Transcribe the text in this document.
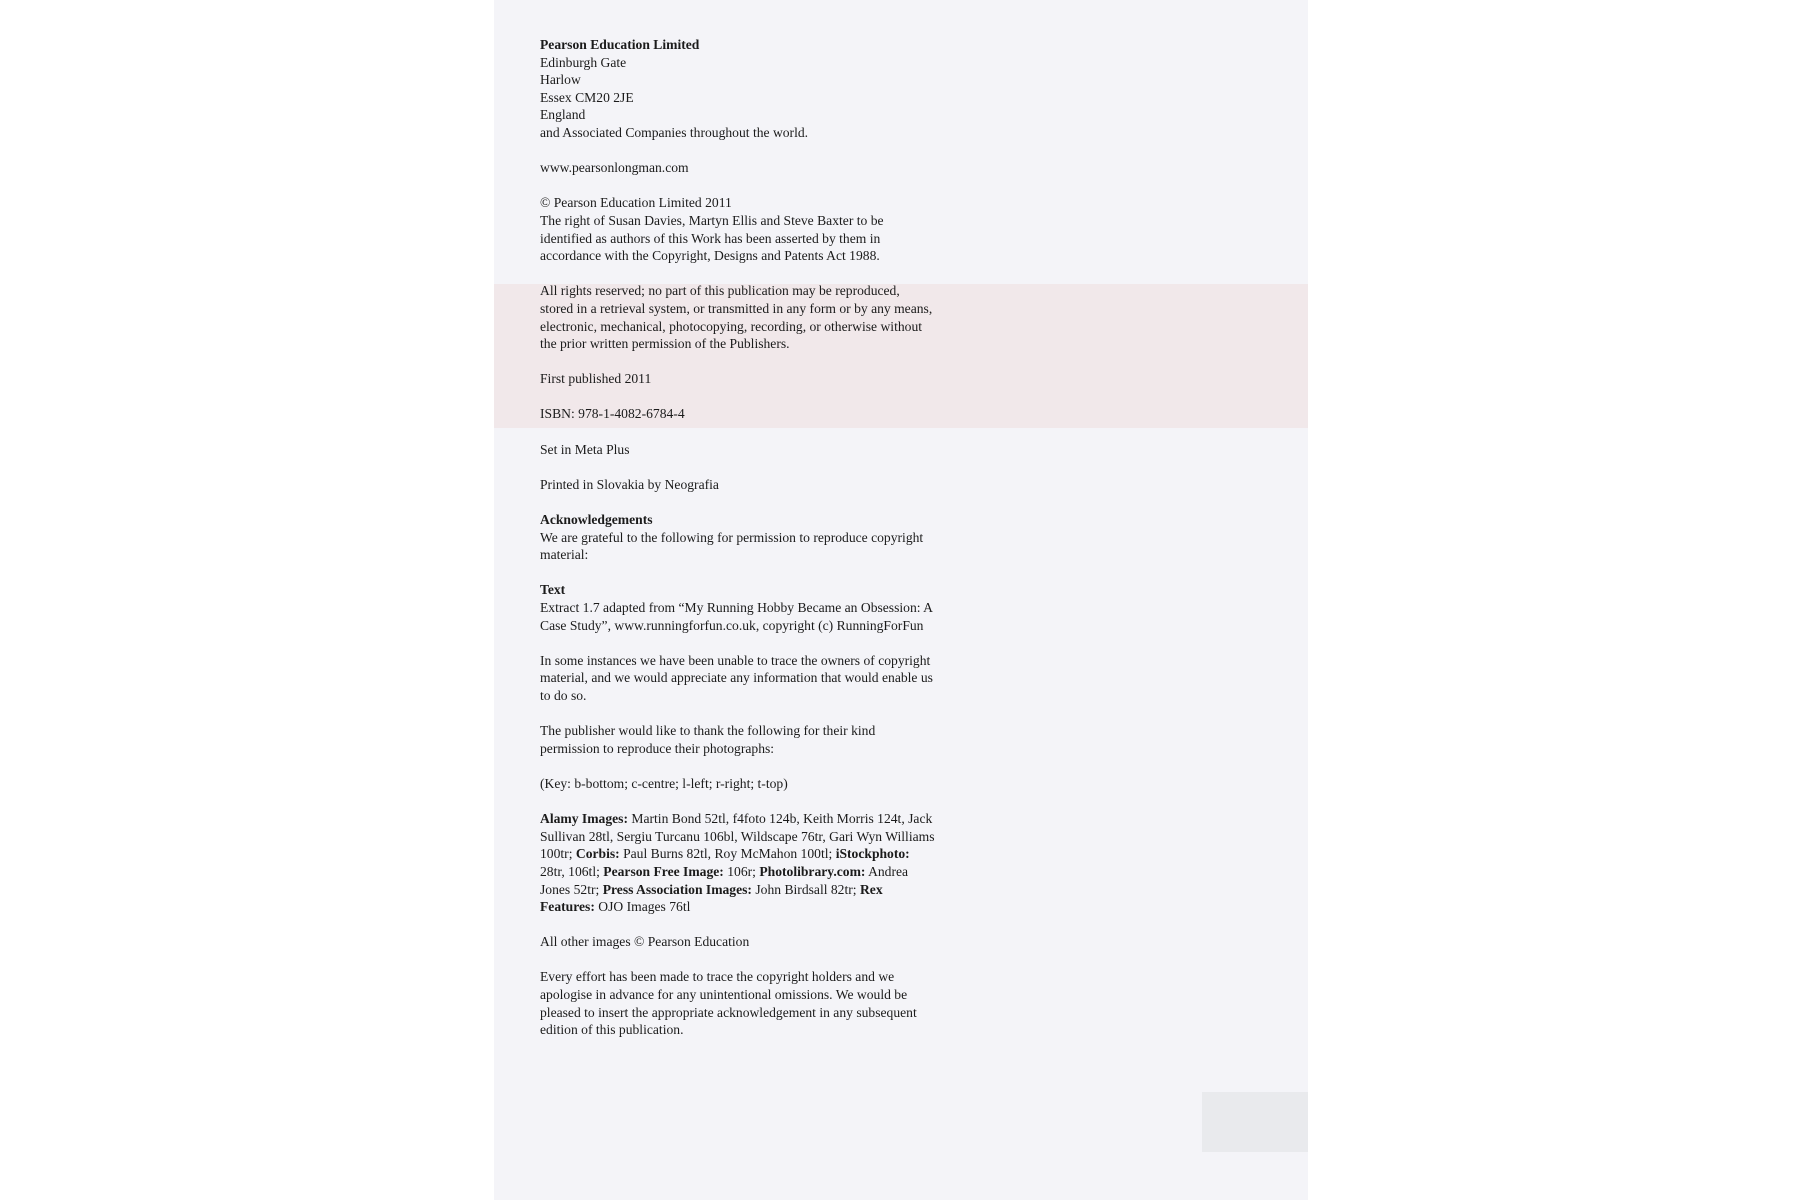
Pearson Education Limited
Edinburgh Gate
Harlow
Essex CM20 2JE
England
and Associated Companies throughout the world.

www.pearsonlongman.com

© Pearson Education Limited 2011
The right of Susan Davies, Martyn Ellis and Steve Baxter to be identified as authors of this Work has been asserted by them in accordance with the Copyright, Designs and Patents Act 1988.

All rights reserved; no part of this publication may be reproduced, stored in a retrieval system, or transmitted in any form or by any means, electronic, mechanical, photocopying, recording, or otherwise without the prior written permission of the Publishers.

First published 2011

ISBN: 978-1-4082-6784-4

Set in Meta Plus

Printed in Slovakia by Neografia

Acknowledgements
We are grateful to the following for permission to reproduce copyright material:

Text
Extract 1.7 adapted from “My Running Hobby Became an Obsession: A Case Study”, www.runningforfun.co.uk, copyright (c) RunningForFun

In some instances we have been unable to trace the owners of copyright material, and we would appreciate any information that would enable us to do so.

The publisher would like to thank the following for their kind permission to reproduce their photographs:

(Key: b-bottom; c-centre; l-left; r-right; t-top)

Alamy Images: Martin Bond 52tl, f4foto 124b, Keith Morris 124t, Jack Sullivan 28tl, Sergiu Turcanu 106bl, Wildscape 76tr, Gari Wyn Williams 100tr; Corbis: Paul Burns 82tl, Roy McMahon 100tl; iStockphoto: 28tr, 106tl; Pearson Free Image: 106r; Photolibrary.com: Andrea Jones 52tr; Press Association Images: John Birdsall 82tr; Rex Features: OJO Images 76tl

All other images © Pearson Education

Every effort has been made to trace the copyright holders and we apologise in advance for any unintentional omissions. We would be pleased to insert the appropriate acknowledgement in any subsequent edition of this publication.
